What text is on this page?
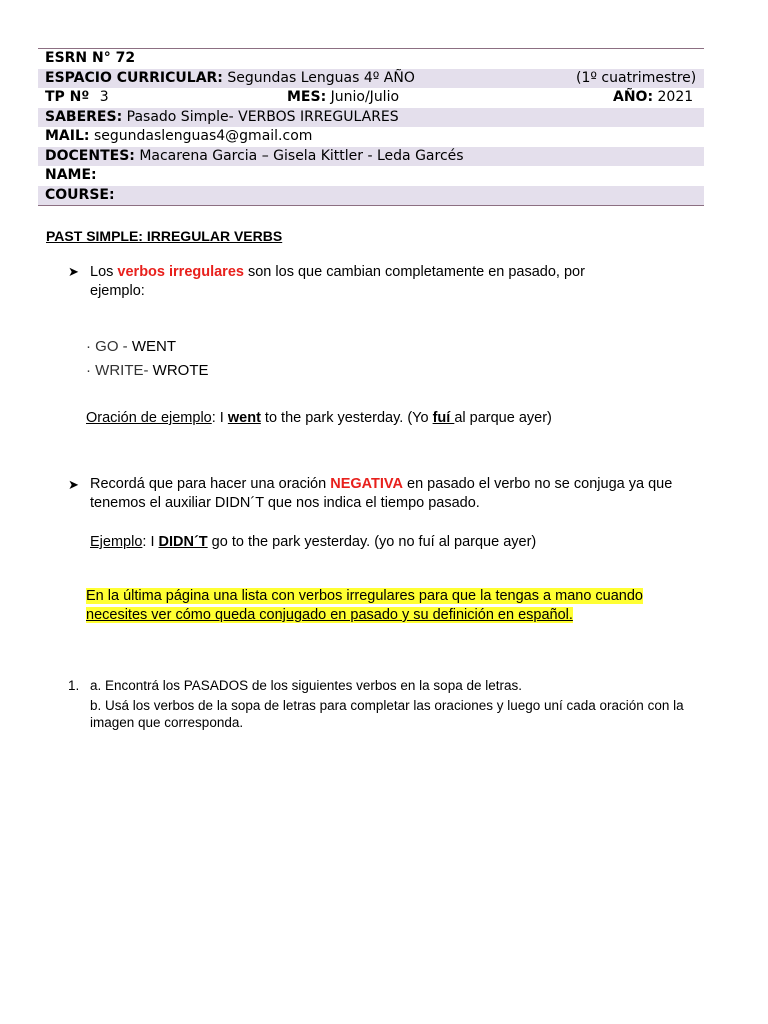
ESRN N° 72
ESPACIO CURRICULAR: Segundas Lenguas 4º AÑO	(1º cuatrimestre)
TP Nº 3	MES: Junio/Julio	AÑO: 2021
SABERES: Pasado Simple- VERBOS IRREGULARES
MAIL: segundaslenguas4@gmail.com
DOCENTES: Macarena Garcia – Gisela Kittler - Leda Garcés
NAME:
COURSE:
PAST SIMPLE: IRREGULAR VERBS
➤ Los verbos irregulares son los que cambian completamente en pasado, por
ejemplo:
· GO - WENT
· WRITE- WROTE
Oración de ejemplo: I went to the park yesterday. (Yo fuí al parque ayer)
➤ Recordá que para hacer una oración NEGATIVA en pasado el verbo no se conjuga ya que
tenemos el auxiliar DIDN´T que nos indica el tiempo pasado.
Ejemplo: I DIDN´T go to the park yesterday. (yo no fuí al parque ayer)
En la última página una lista con verbos irregulares para que la tengas a mano cuando
necesites ver cómo queda conjugado en pasado y su definición en español.
1. a. Encontrá los PASADOS de los siguientes verbos en la sopa de letras.
b. Usá los verbos de la sopa de letras para completar las oraciones y luego uní cada oración con la
imagen que corresponda.
